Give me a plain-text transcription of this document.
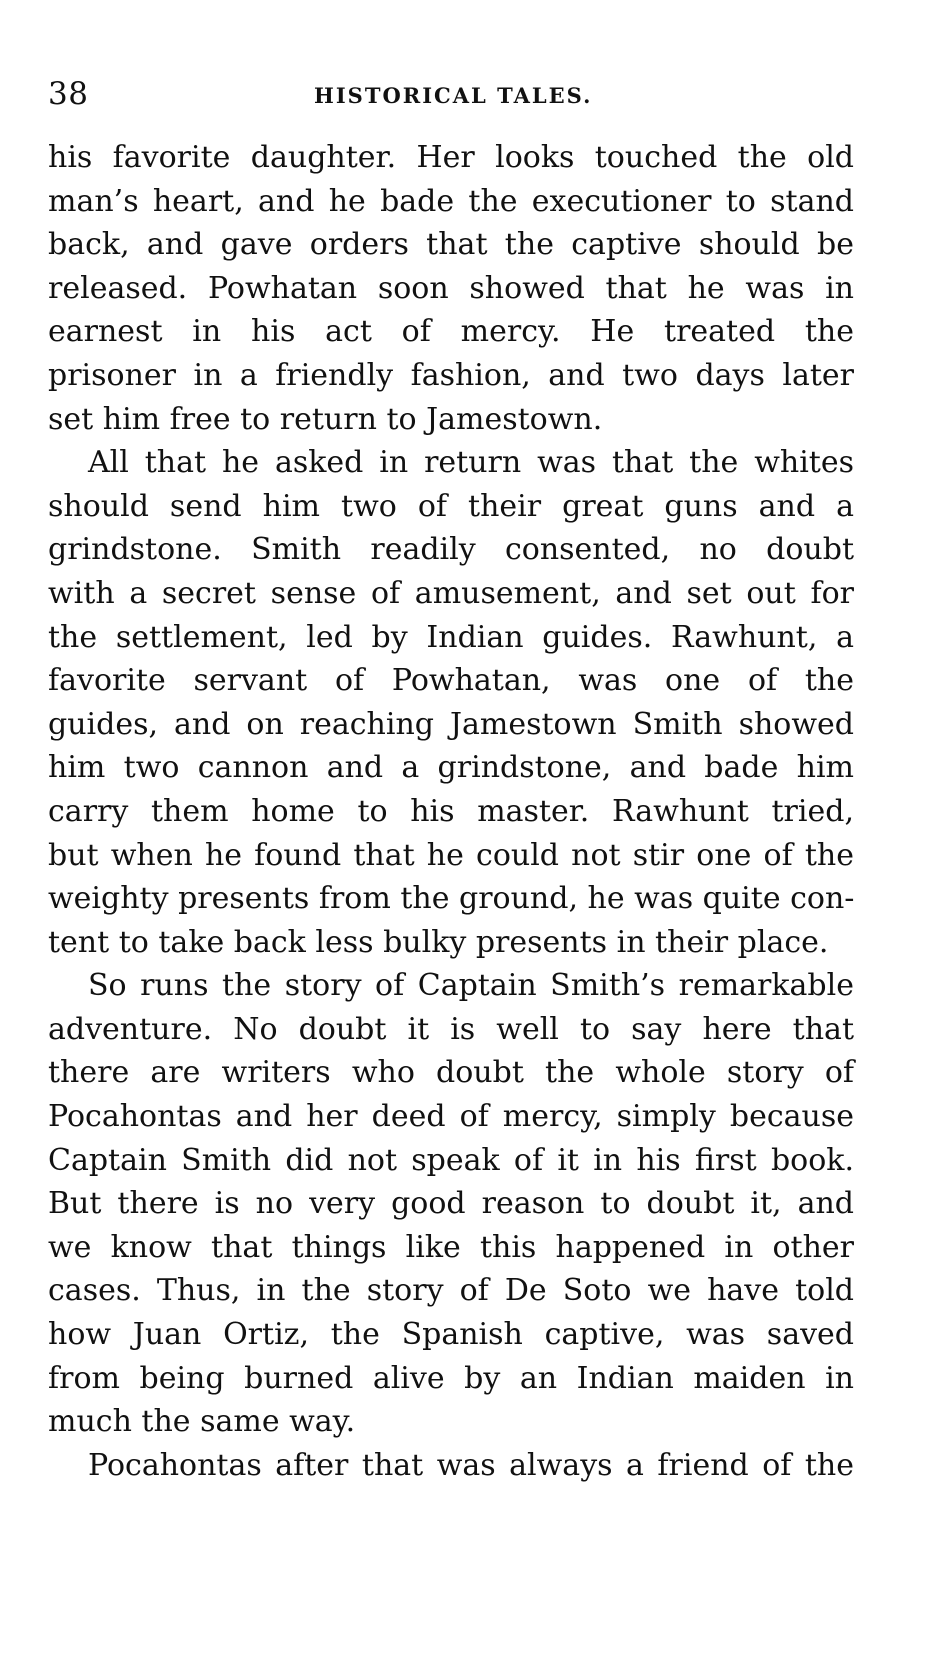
38	HISTORICAL TALES.
his favorite daughter. Her looks touched the old
man’s heart, and he bade the executioner to stand
back, and gave orders that the captive should be
released. Powhatan soon showed that he was in
earnest in his act of mercy. He treated the
prisoner in a friendly fashion, and two days later
set him free to return to Jamestown.
All that he asked in return was that the whites
should send him two of their great guns and a
grindstone. Smith readily consented, no doubt
with a secret sense of amusement, and set out for
the settlement, led by Indian guides. Rawhunt, a
favorite servant of Powhatan, was one of the
guides, and on reaching Jamestown Smith showed
him two cannon and a grindstone, and bade him
carry them home to his master. Rawhunt tried,
but when he found that he could not stir one of the
weighty presents from the ground, he was quite con-
tent to take back less bulky presents in their place.
So runs the story of Captain Smith’s remarkable
adventure. No doubt it is well to say here that
there are writers who doubt the whole story of
Pocahontas and her deed of mercy, simply because
Captain Smith did not speak of it in his first book.
But there is no very good reason to doubt it, and
we know that things like this happened in other
cases. Thus, in the story of De Soto we have told
how Juan Ortiz, the Spanish captive, was saved
from being burned alive by an Indian maiden in
much the same way.
Pocahontas after that was always a friend of the
